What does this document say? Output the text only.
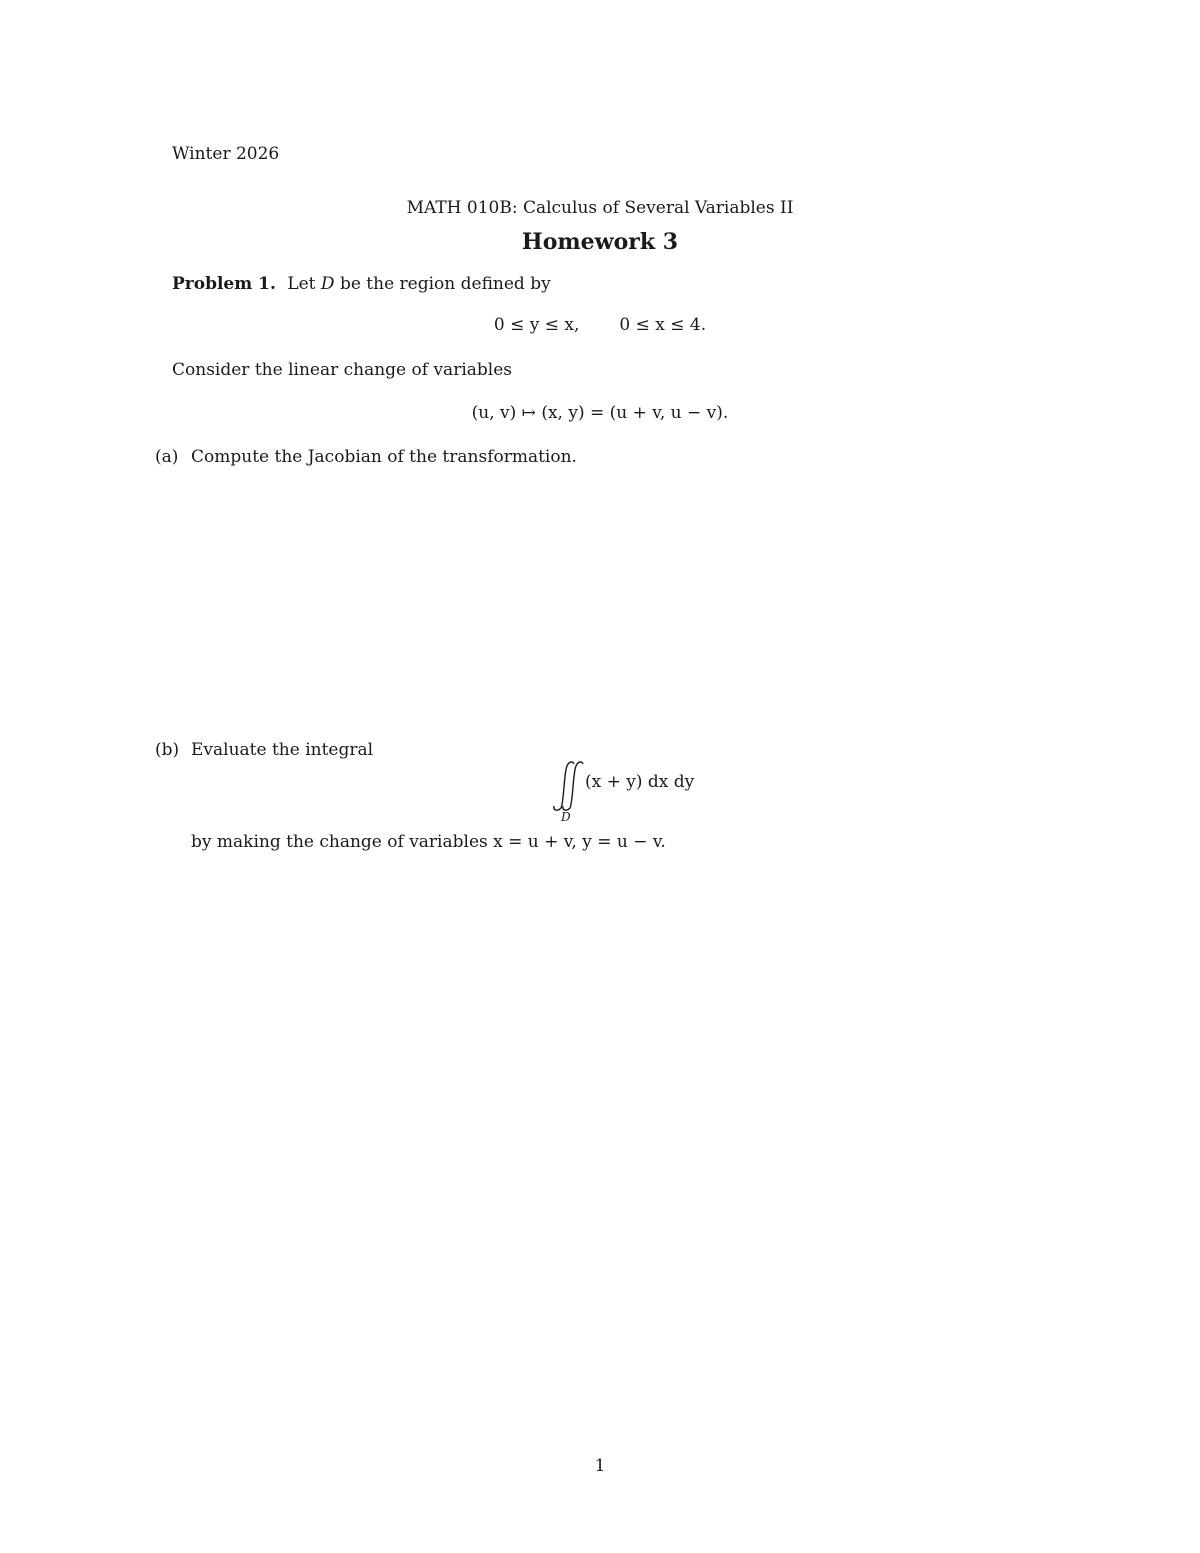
Winter 2026
MATH 010B: Calculus of Several Variables II
Homework 3
Problem 1. Let D be the region defined by
0 ≤ y ≤ x, 0 ≤ x ≤ 4.
Consider the linear change of variables
(u, v) ↦ (x, y) = (u + v, u − v).
(a) Compute the Jacobian of the transformation.
(b) Evaluate the integral
(x + y) dx dy
D
by making the change of variables x = u + v, y = u − v.
1
